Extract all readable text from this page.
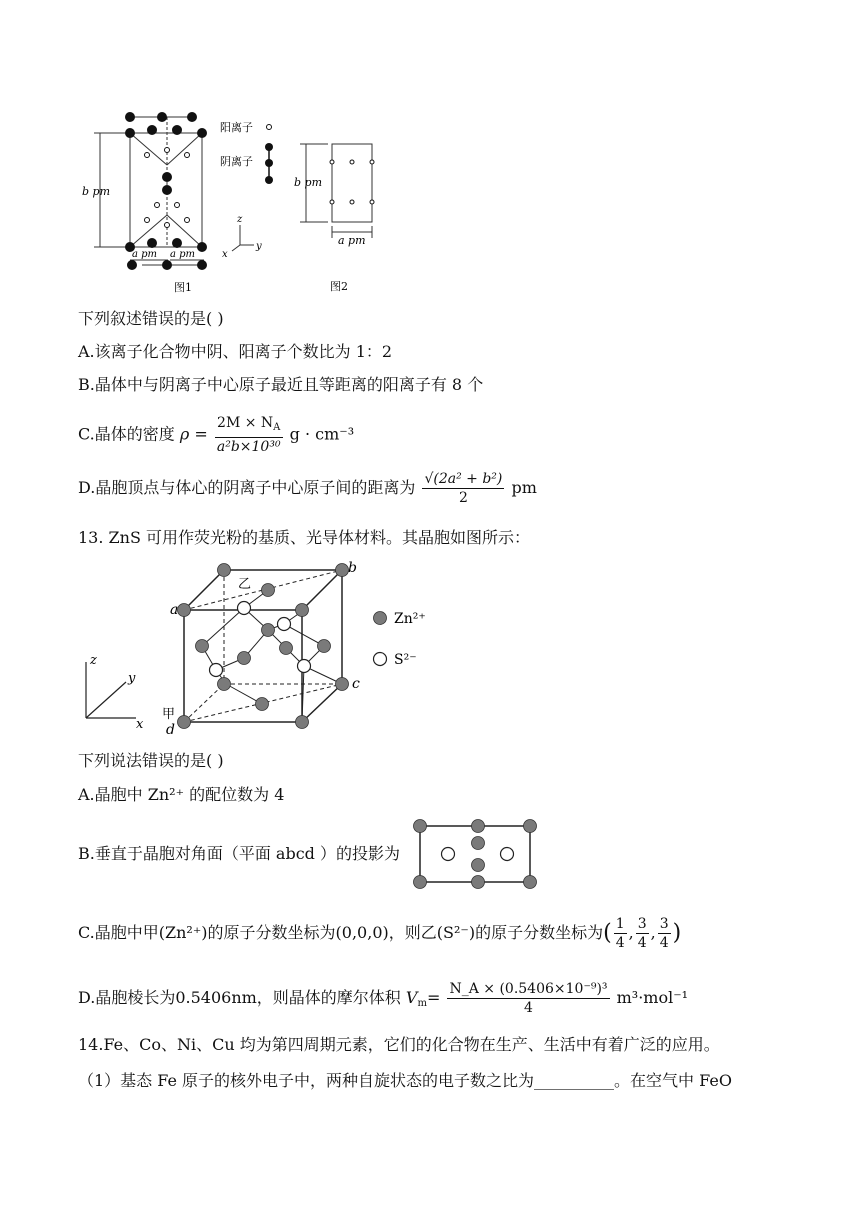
b pm
a pm a pm
z
y
x
阳离子
阴离子
图1
b pm
a pm
图2
下列叙述错误的是( )
A.该离子化合物中阴、阳离子个数比为 1：2
B.晶体中与阴离子中心原子最近且等距离的阳离子有 8 个
C.晶体的密度 $\rho = \frac{2M \times N_A}{\text{a²b×10³⁰}}$ g · cm⁻³
D.晶胞顶点与体心的阴离子中心原子间的距离为 $\frac{\text{√(2a² + b²)}}{2}$ pm
13. ZnS 可用作荧光粉的基质、光导体材料。其晶胞如图所示：
b
a
c
d
乙
甲
z
y
x
Zn²⁺
S²⁻
下列说法错误的是( )
A.晶胞中 Zn²⁺ 的配位数为 4
B.垂直于晶胞对角面（平面 abcd ）的投影为
C.晶胞中甲(Zn²⁺)的原子分数坐标为(0,0,0)，则乙(S²⁻)的原子分数坐标为( $\frac{1}{4}$ , $\frac{3}{4}$ , $\frac{3}{4}$ )
D.晶胞棱长为0.5406nm，则晶体的摩尔体积 $V_m= \frac{\text{N\_A × (0.5406×10⁻⁹)³}}{4} m^3\cdot mol^{-1}$
14.Fe、Co、Ni、Cu 均为第四周期元素，它们的化合物在生产、生活中有着广泛的应用。
（1）基态 Fe 原子的核外电子中，两种自旋状态的电子数之比为__________。在空气中 FeO
